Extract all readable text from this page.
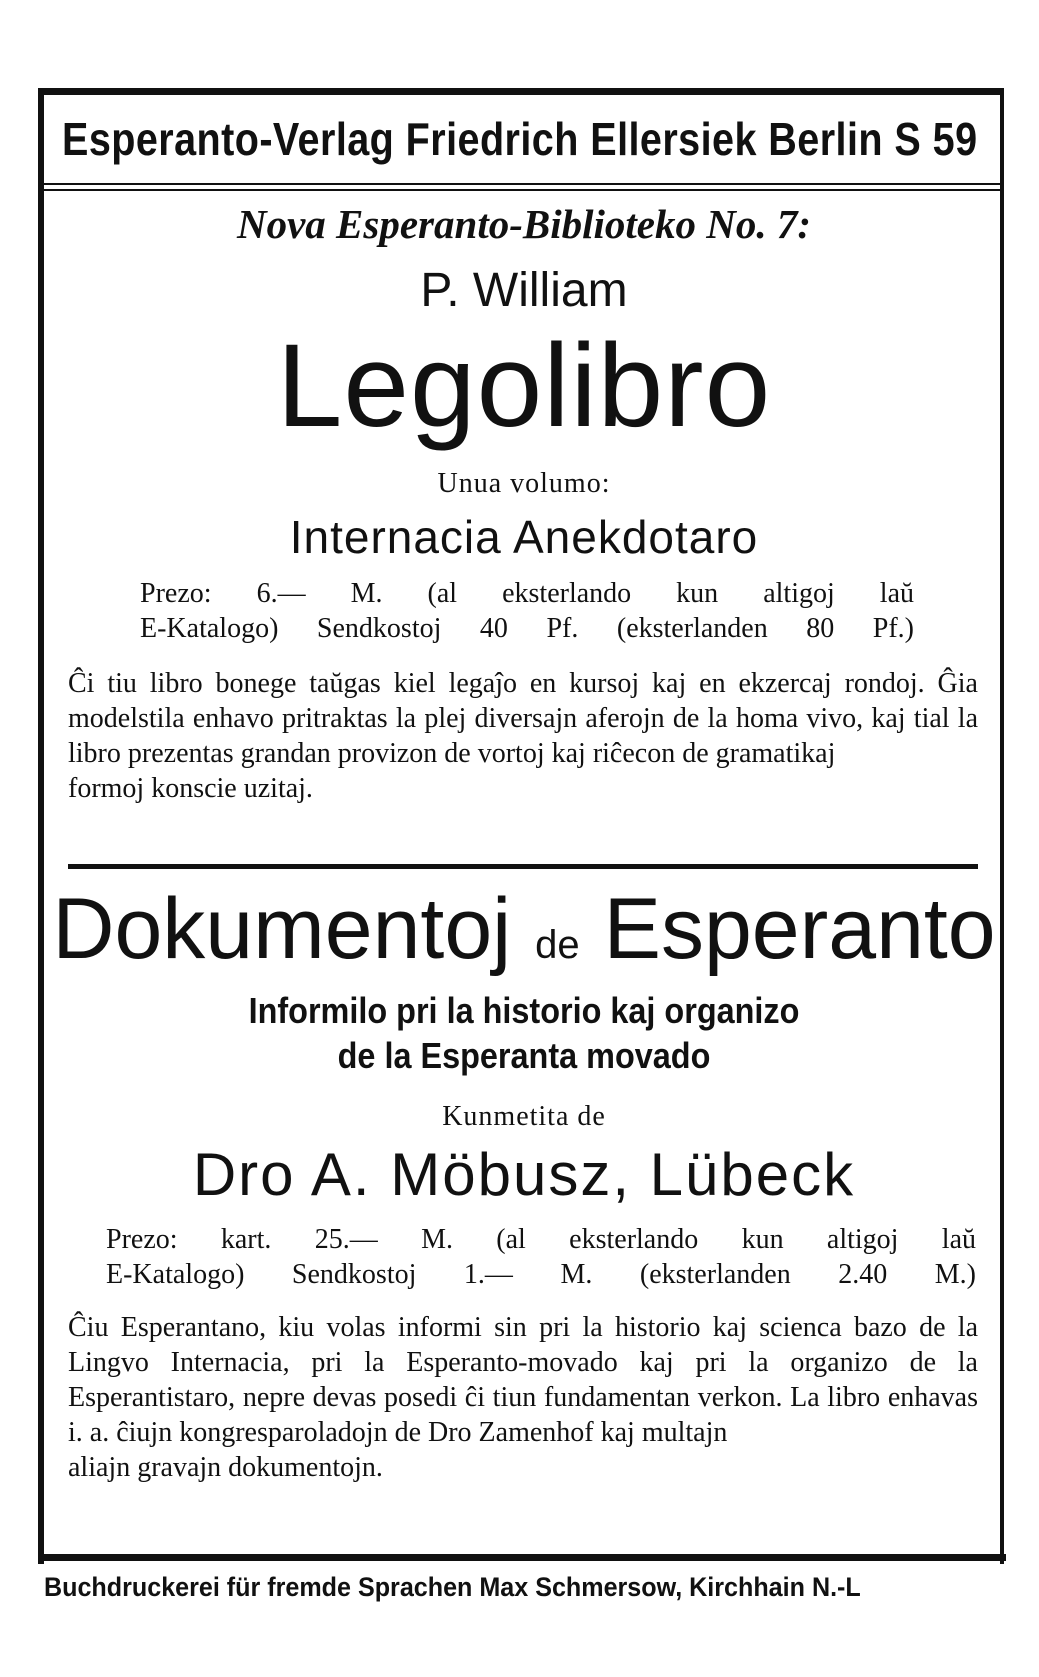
Esperanto-Verlag Friedrich Ellersiek Berlin S 59
Nova Esperanto-Biblioteko No. 7:
P. William
Legolibro
Unua volumo:
Internacia Anekdotaro
Prezo: 6.— M. (al eksterlando kun altigoj laŭ
E-Katalogo) Sendkostoj 40 Pf. (eksterlanden 80 Pf.)
Ĉi tiu libro bonege taŭgas kiel legaĵo en kursoj kaj en ekzercaj rondoj. Ĝia modelstila enhavo pritraktas la plej diversajn aferojn de la homa vivo, kaj tial la libro prezentas grandan provizon de vortoj kaj riĉecon de gramatikaj
formoj konscie uzitaj.
Dokumentoj de Esperanto
Informilo pri la historio kaj organizo
de la Esperanta movado
Kunmetita de
Dro A. Möbusz, Lübeck
Prezo: kart. 25.— M. (al eksterlando kun altigoj laŭ
E-Katalogo) Sendkostoj 1.— M. (eksterlanden 2.40 M.)
Ĉiu Esperantano, kiu volas informi sin pri la historio kaj scienca bazo de la Lingvo Internacia, pri la Esperanto-movado kaj pri la organizo de la Esperantistaro, nepre devas posedi ĉi tiun fundamentan verkon. La libro enhavas i. a. ĉiujn kongresparoladojn de Dro Zamenhof kaj multajn
aliajn gravajn dokumentojn.
Buchdruckerei für fremde Sprachen Max Schmersow, Kirchhain N.-L
